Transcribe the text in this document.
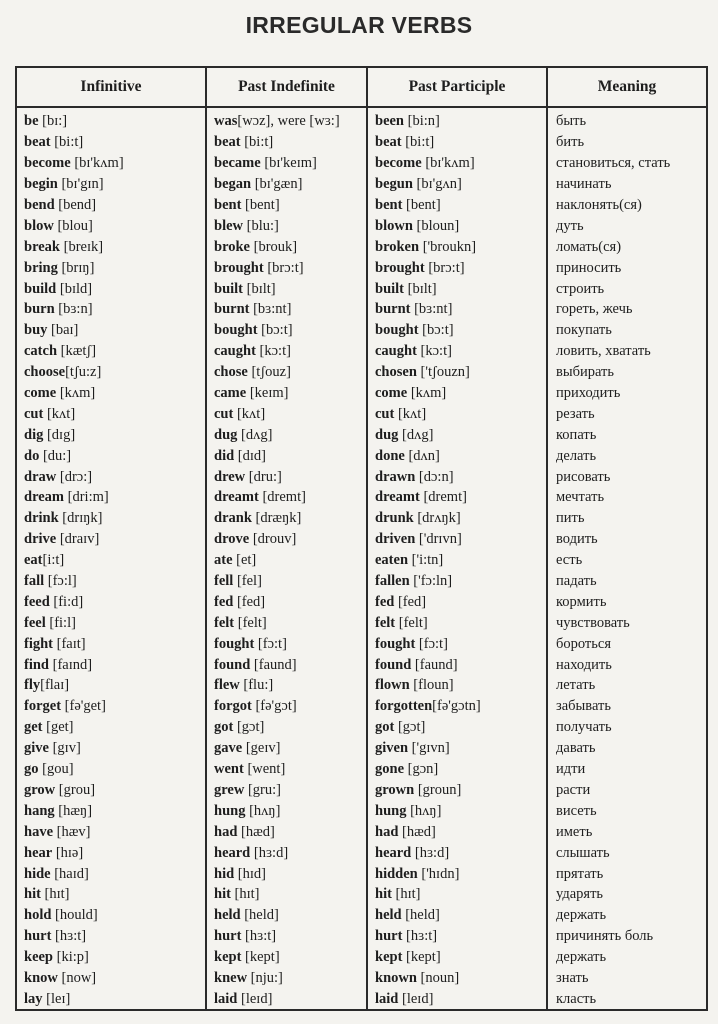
IRREGULAR VERBS
Infinitive	Past Indefinite	Past Participle	Meaning
be [bɪ:]	was[wɔz], were [wɜ:]	been [bi:n]	быть
beat [bi:t]	beat [bi:t]	beat [bi:t]	бить
become [bɪ'kʌm]	became [bɪ'keɪm]	become [bɪ'kʌm]	становиться, стать
begin [bɪ'gɪn]	began [bɪ'gæn]	begun [bɪ'gʌn]	начинать
bend [bend]	bent [bent]	bent [bent]	наклонять(ся)
blow [blou]	blew [blu:]	blown [bloun]	дуть
break [breɪk]	broke [brouk]	broken ['broukn]	ломать(ся)
bring [brɪŋ]	brought [brɔ:t]	brought [brɔ:t]	приносить
build [bɪld]	built [bɪlt]	built [bɪlt]	строить
burn [bɜ:n]	burnt [bɜ:nt]	burnt [bɜ:nt]	гореть, жечь
buy [baɪ]	bought [bɔ:t]	bought [bɔ:t]	покупать
catch [kætʃ]	caught [kɔ:t]	caught [kɔ:t]	ловить, хватать
choose[tʃu:z]	chose [tʃouz]	chosen ['tʃouzn]	выбирать
come [kʌm]	came [keɪm]	come [kʌm]	приходить
cut [kʌt]	cut [kʌt]	cut [kʌt]	резать
dig [dɪg]	dug [dʌg]	dug [dʌg]	копать
do [du:]	did [dɪd]	done [dʌn]	делать
draw [drɔ:]	drew [dru:]	drawn [dɔ:n]	рисовать
dream [dri:m]	dreamt [dremt]	dreamt [dremt]	мечтать
drink [drɪŋk]	drank [dræŋk]	drunk [drʌŋk]	пить
drive [draɪv]	drove [drouv]	driven ['drɪvn]	водить
eat[i:t]	ate [et]	eaten ['i:tn]	есть
fall [fɔ:l]	fell [fel]	fallen ['fɔ:ln]	падать
feed [fi:d]	fed [fed]	fed [fed]	кормить
feel [fi:l]	felt [felt]	felt [felt]	чувствовать
fight [faɪt]	fought [fɔ:t]	fought [fɔ:t]	бороться
find [faɪnd]	found [faund]	found [faund]	находить
fly[flaɪ]	flew [flu:]	flown [floun]	летать
forget [fə'get]	forgot [fə'gɔt]	forgotten[fə'gɔtn]	забывать
get [get]	got [gɔt]	got [gɔt]	получать
give [gɪv]	gave [geɪv]	given ['gɪvn]	давать
go [gou]	went [went]	gone [gɔn]	идти
grow [grou]	grew [gru:]	grown [groun]	расти
hang [hæŋ]	hung [hʌŋ]	hung [hʌŋ]	висеть
have [hæv]	had [hæd]	had [hæd]	иметь
hear [hɪə]	heard [hɜ:d]	heard [hɜ:d]	слышать
hide [haɪd]	hid [hɪd]	hidden ['hɪdn]	прятать
hit [hɪt]	hit [hɪt]	hit [hɪt]	ударять
hold [hould]	held [held]	held [held]	держать
hurt [hɜ:t]	hurt [hɜ:t]	hurt [hɜ:t]	причинять боль
keep [ki:p]	kept [kept]	kept [kept]	держать
know [now]	knew [nju:]	known [noun]	знать
lay [leɪ]	laid [leɪd]	laid [leɪd]	класть
